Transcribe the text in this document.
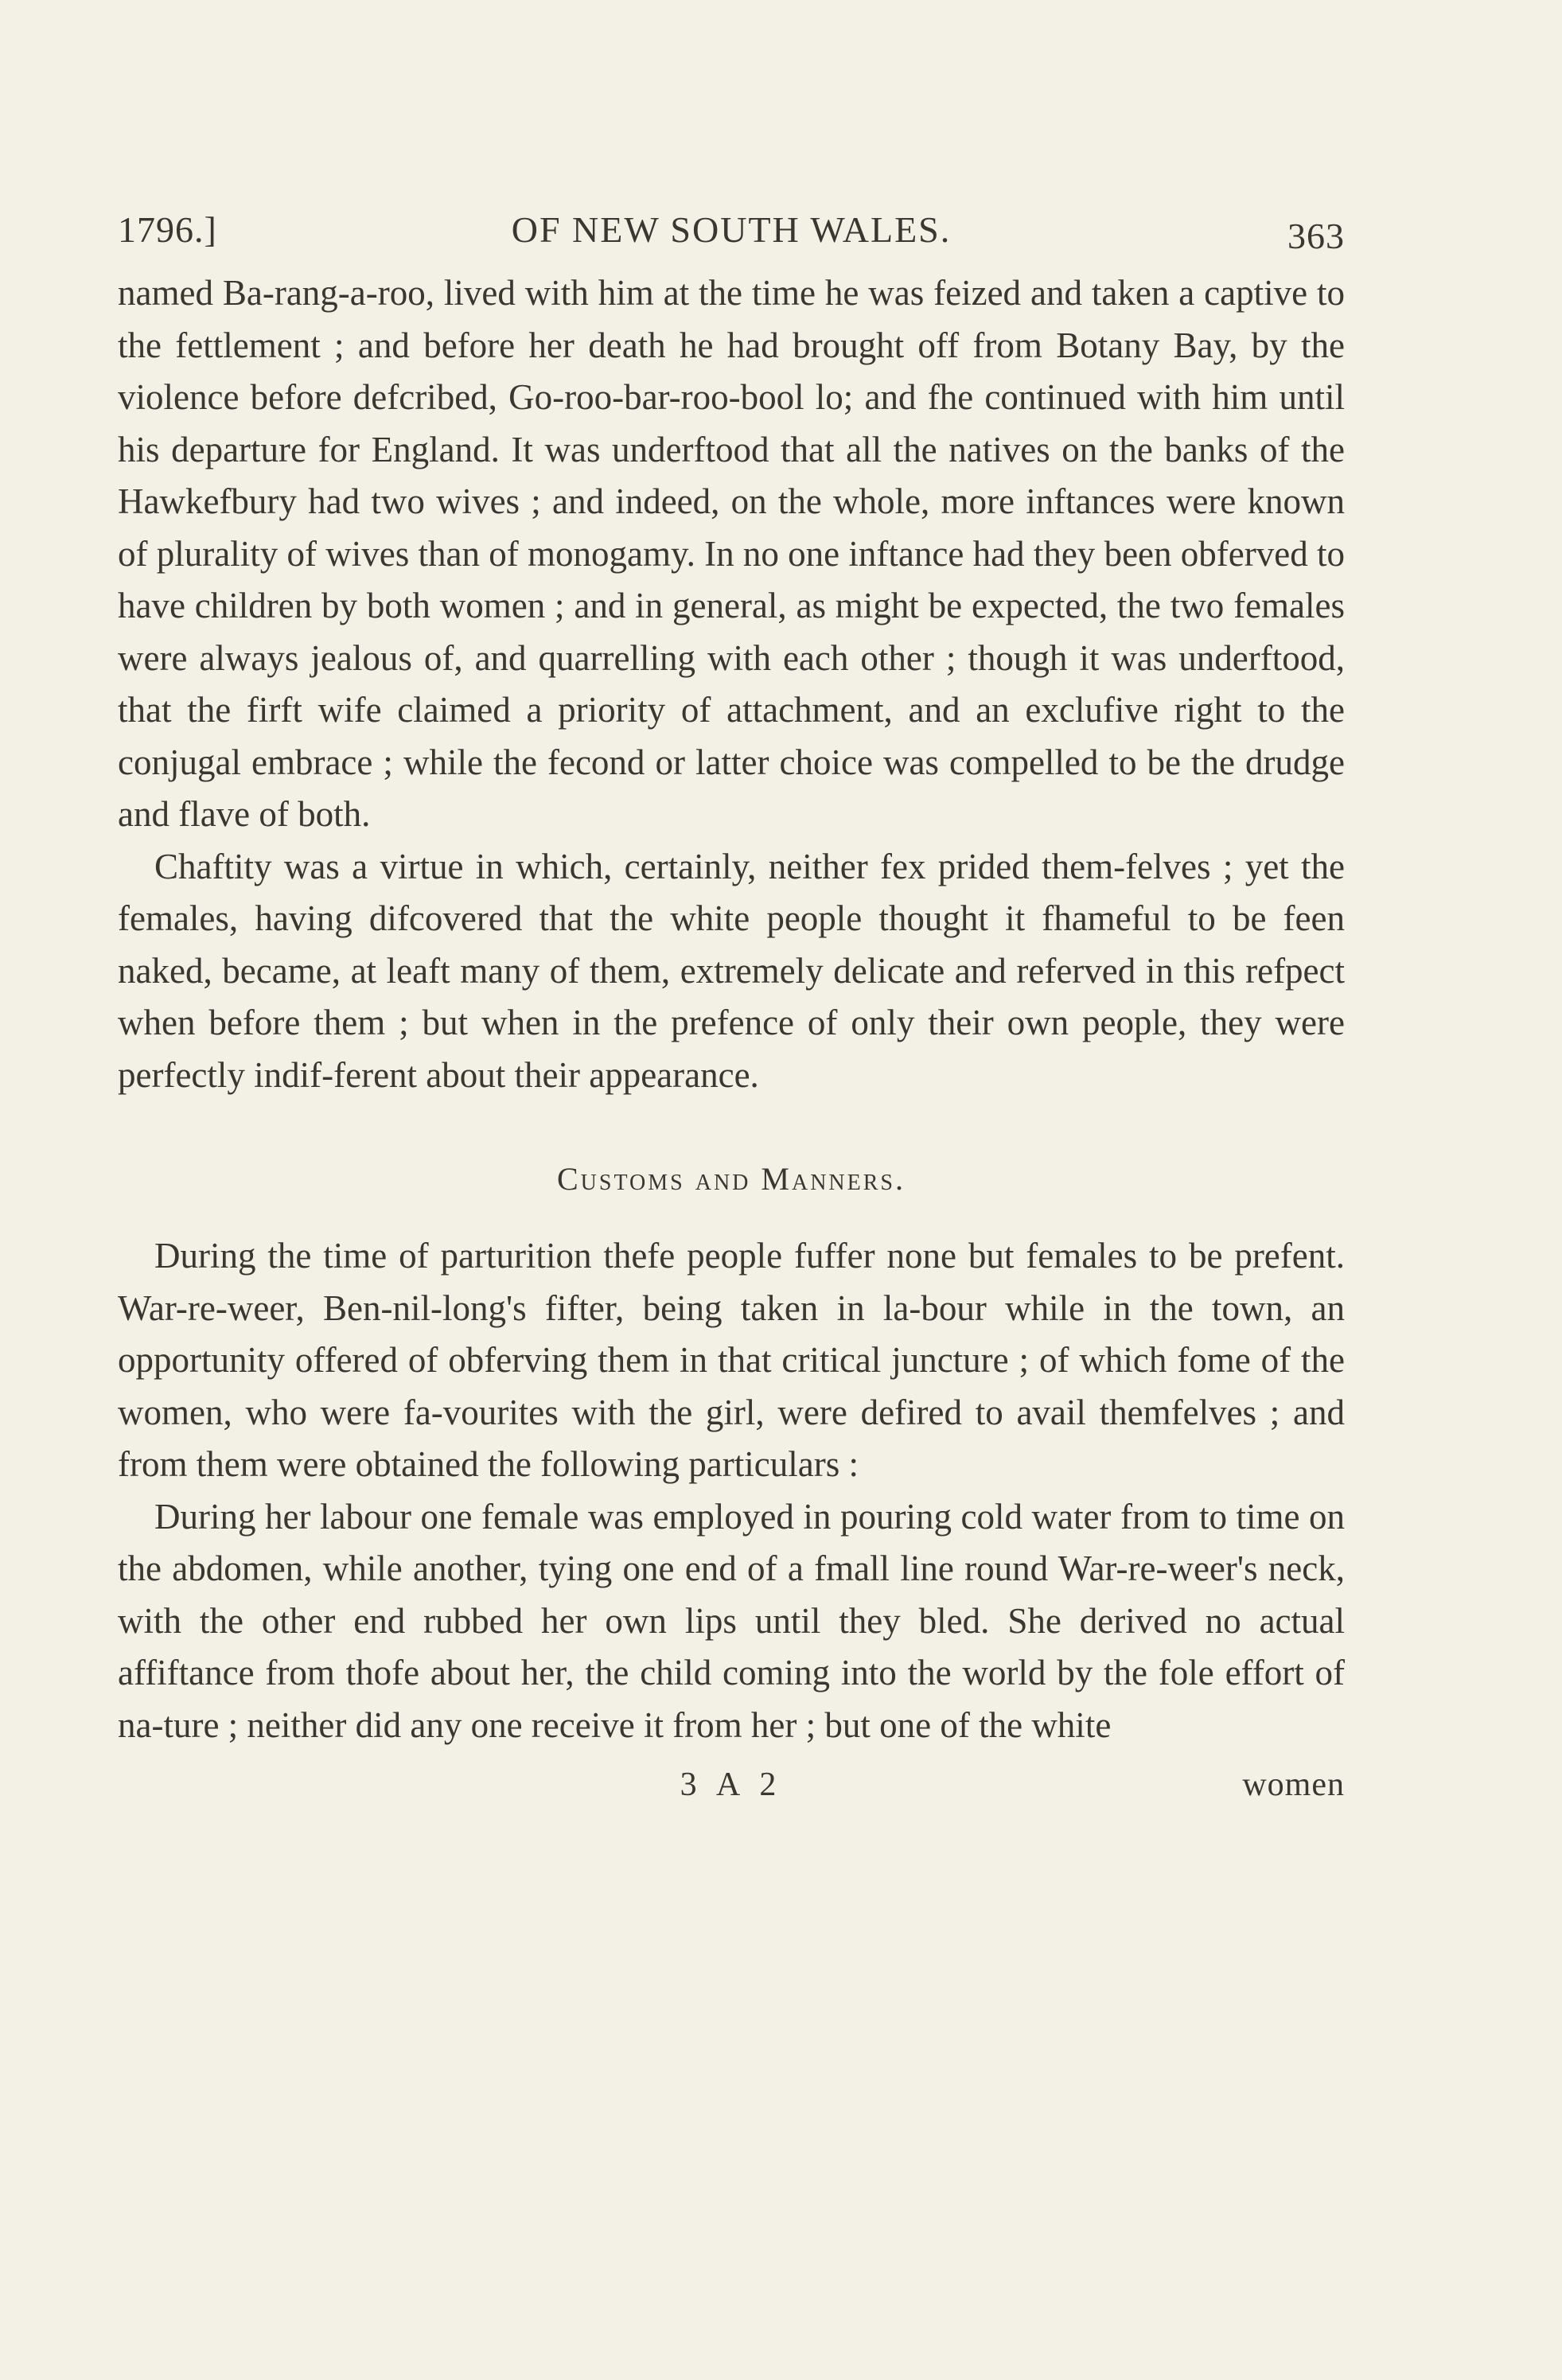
1796.]	OF NEW SOUTH WALES.	363

named Ba-rang-a-roo, lived with him at the time he was feized and taken a captive to the fettlement ; and before her death he had brought off from Botany Bay, by the violence before defcribed, Go-roo-bar-roo-bool lo; and fhe continued with him until his departure for England. It was underftood that all the natives on the banks of the Hawkefbury had two wives ; and indeed, on the whole, more inftances were known of plurality of wives than of monogamy. In no one inftance had they been obferved to have children by both women ; and in general, as might be expected, the two females were always jealous of, and quarrelling with each other ; though it was underftood, that the firft wife claimed a priority of attachment, and an exclufive right to the conjugal embrace ; while the fecond or latter choice was compelled to be the drudge and flave of both.

Chaftity was a virtue in which, certainly, neither fex prided them-felves ; yet the females, having difcovered that the white people thought it fhameful to be feen naked, became, at leaft many of them, extremely delicate and referved in this refpect when before them ; but when in the prefence of only their own people, they were perfectly indif-ferent about their appearance.

Customs and Manners.

During the time of parturition thefe people fuffer none but females to be prefent. War-re-weer, Ben-nil-long's fifter, being taken in la-bour while in the town, an opportunity offered of obferving them in that critical juncture ; of which fome of the women, who were fa-vourites with the girl, were defired to avail themfelves ; and from them were obtained the following particulars :

During her labour one female was employed in pouring cold water from to time on the abdomen, while another, tying one end of a fmall line round War-re-weer's neck, with the other end rubbed her own lips until they bled. She derived no actual affiftance from thofe about her, the child coming into the world by the fole effort of na-ture ; neither did any one receive it from her ; but one of the white

3 A 2	women
